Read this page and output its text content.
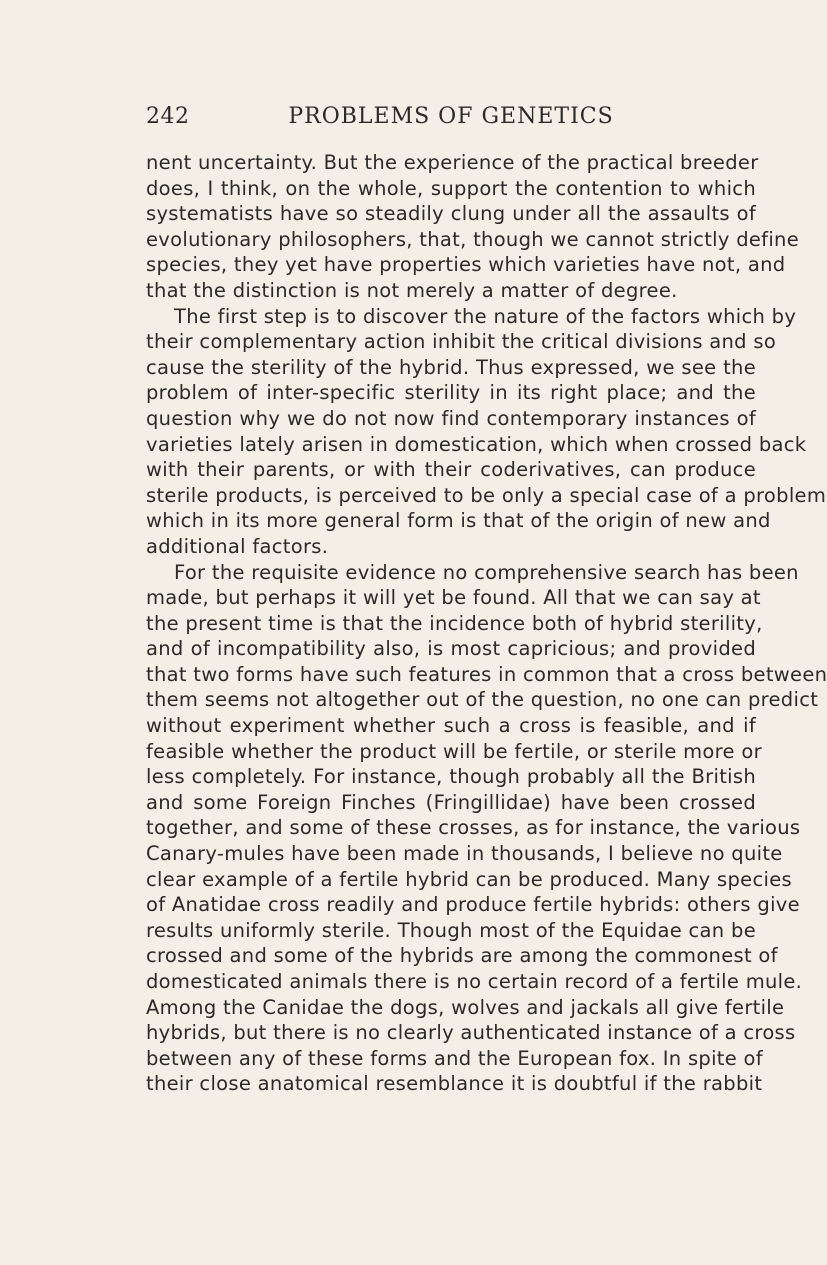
242	PROBLEMS OF GENETICS
nent uncertainty. But the experience of the practical breeder
does, I think, on the whole, support the contention to which
systematists have so steadily clung under all the assaults of
evolutionary philosophers, that, though we cannot strictly define
species, they yet have properties which varieties have not, and
that the distinction is not merely a matter of degree.
The first step is to discover the nature of the factors which by
their complementary action inhibit the critical divisions and so
cause the sterility of the hybrid. Thus expressed, we see the
problem of inter-specific sterility in its right place; and the
question why we do not now find contemporary instances of
varieties lately arisen in domestication, which when crossed back
with their parents, or with their coderivatives, can produce
sterile products, is perceived to be only a special case of a problem
which in its more general form is that of the origin of new and
additional factors.
For the requisite evidence no comprehensive search has been
made, but perhaps it will yet be found. All that we can say at
the present time is that the incidence both of hybrid sterility,
and of incompatibility also, is most capricious; and provided
that two forms have such features in common that a cross between
them seems not altogether out of the question, no one can predict
without experiment whether such a cross is feasible, and if
feasible whether the product will be fertile, or sterile more or
less completely. For instance, though probably all the British
and some Foreign Finches (Fringillidae) have been crossed
together, and some of these crosses, as for instance, the various
Canary-mules have been made in thousands, I believe no quite
clear example of a fertile hybrid can be produced. Many species
of Anatidae cross readily and produce fertile hybrids: others give
results uniformly sterile. Though most of the Equidae can be
crossed and some of the hybrids are among the commonest of
domesticated animals there is no certain record of a fertile mule.
Among the Canidae the dogs, wolves and jackals all give fertile
hybrids, but there is no clearly authenticated instance of a cross
between any of these forms and the European fox. In spite of
their close anatomical resemblance it is doubtful if the rabbit
